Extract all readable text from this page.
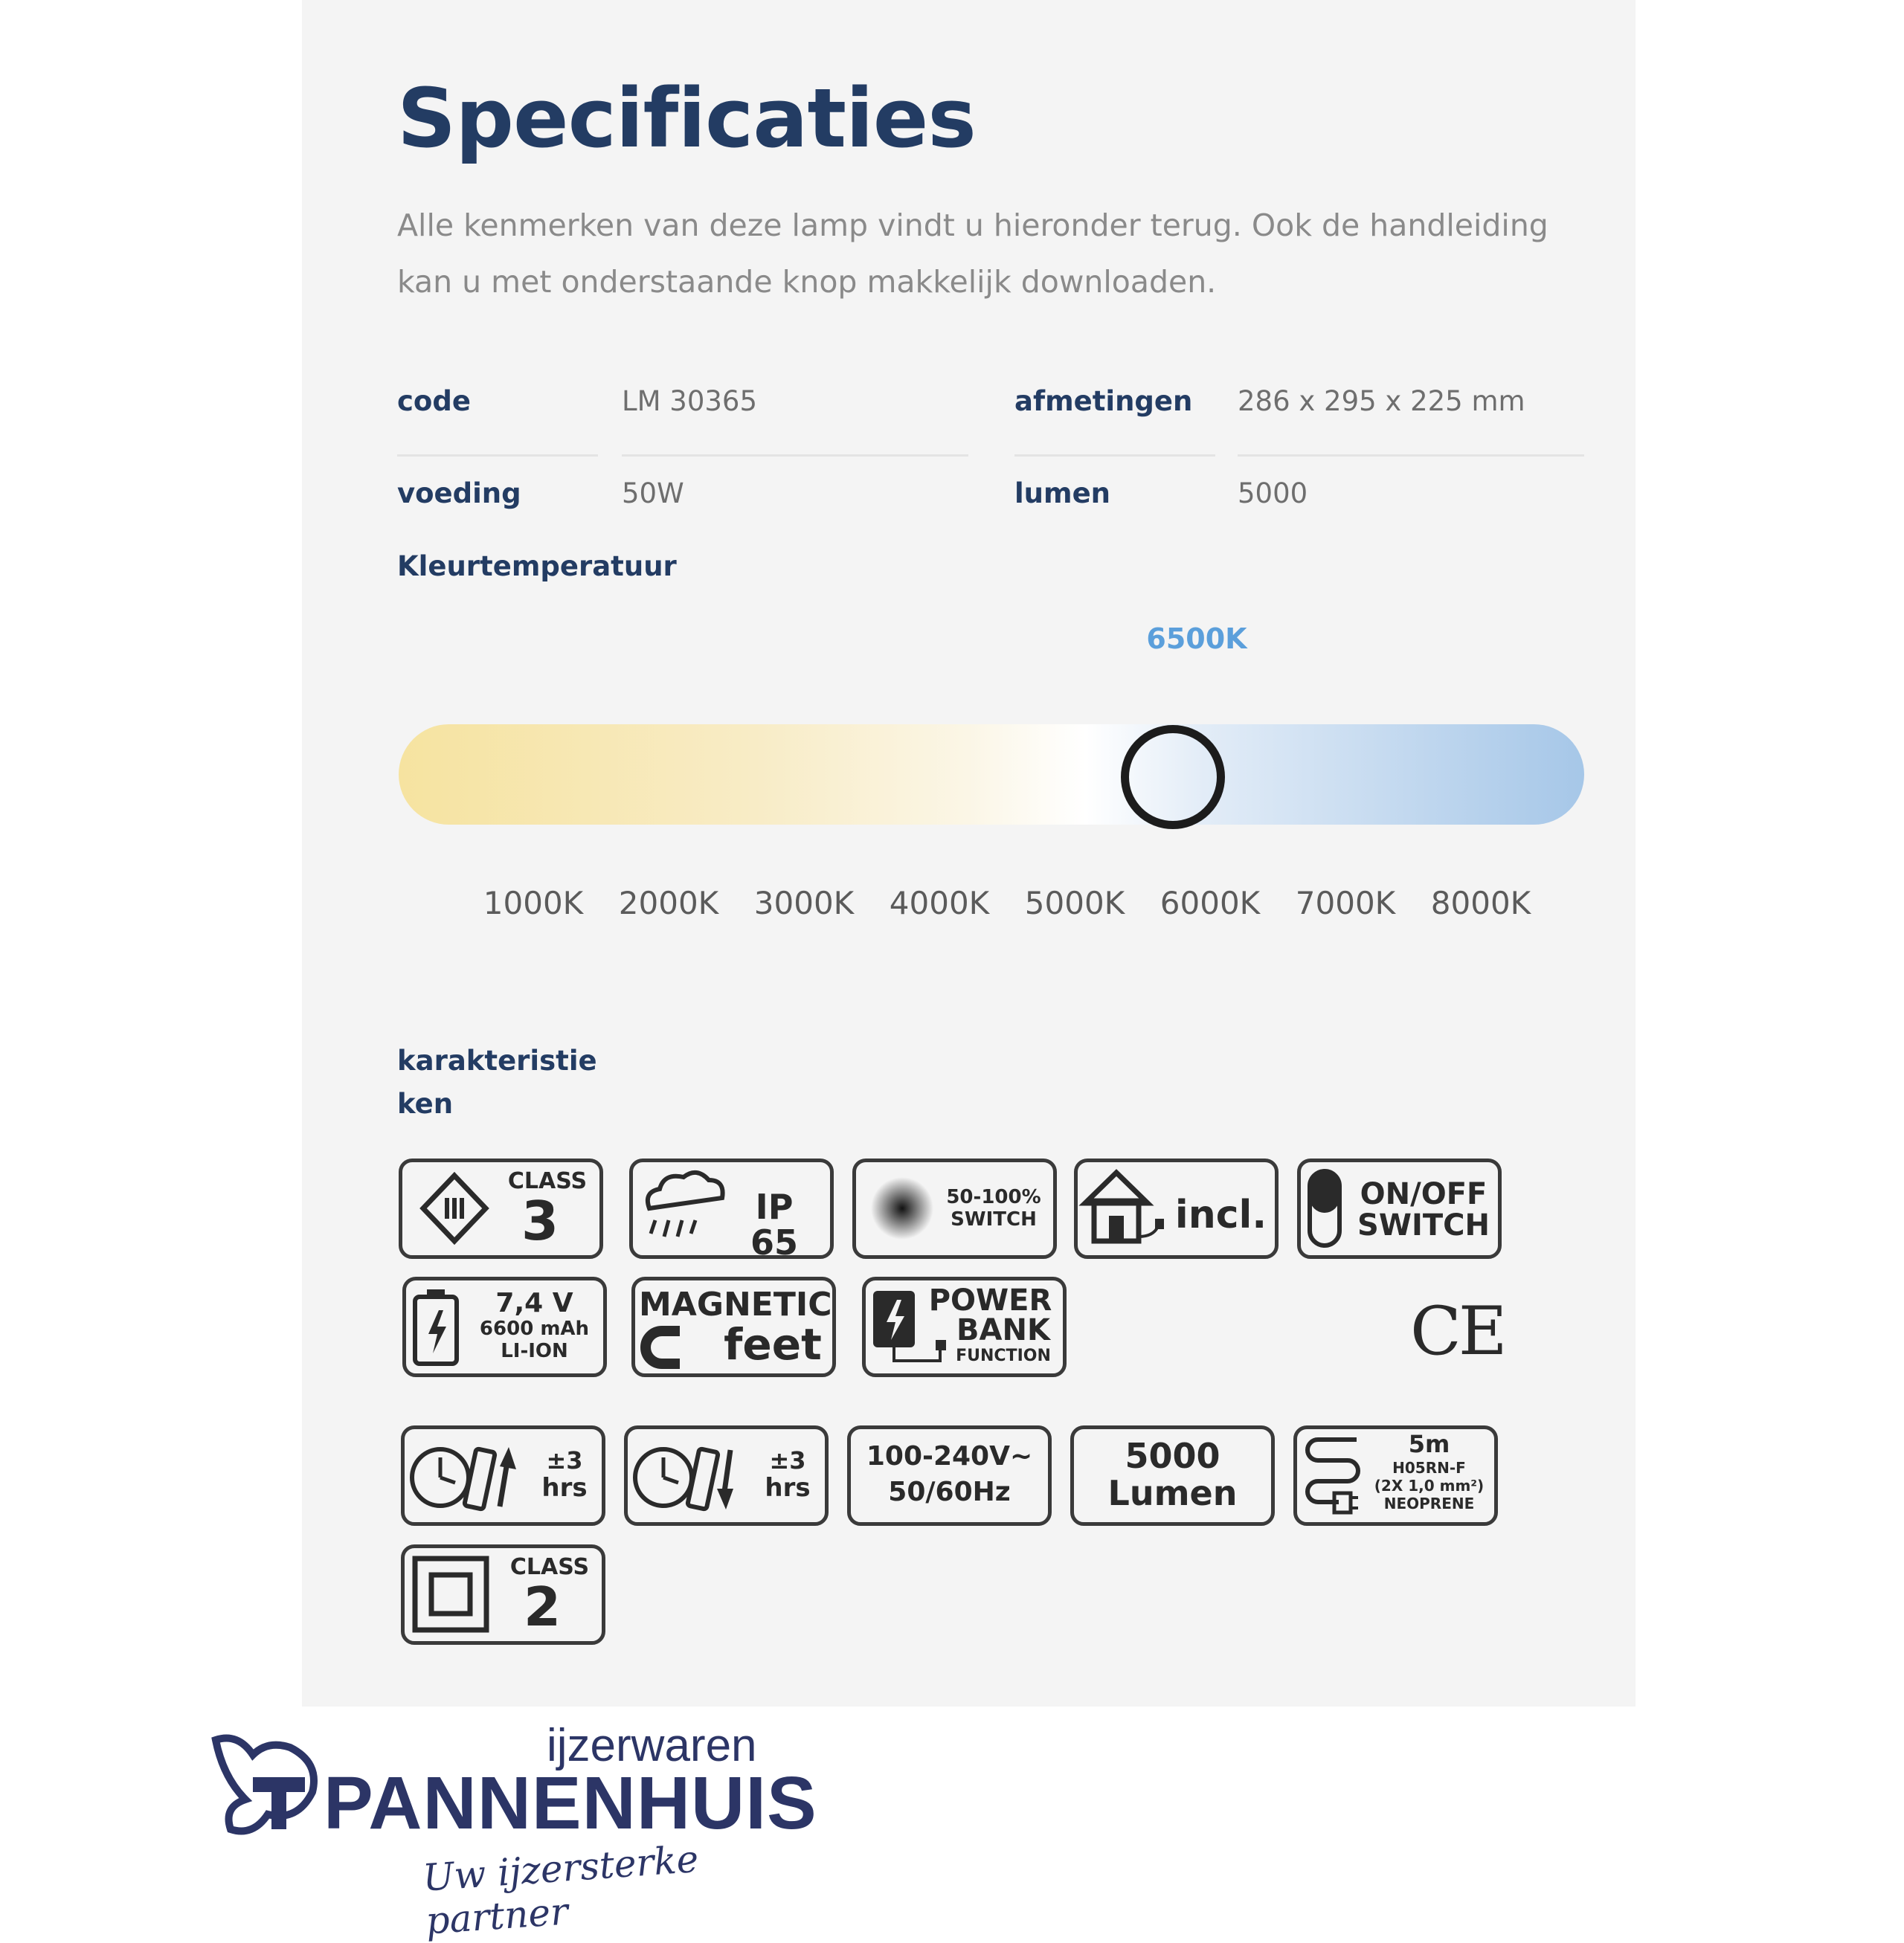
Specificaties

Alle kenmerken van deze lamp vindt u hieronder terug. Ook de handleiding kan u met onderstaande knop makkelijk downloaden.

code	LM 30365	afmetingen 286 x 295 x 225 mm
voeding	50W	lumen	5000
Kleurtemperatuur
6500K
1000K	2000K	3000K	4000K	5000K	6000K	7000K	8000K
karakteristie
ken
CLASS
3	IP 65
50-100%
SWITCH	incl.	ON/OFF
SWITCH
7,4 V
6600 mAh
LI-ION
MAGNETIC
feet
POWER
BANK
FUNCTION	CE
±3
hrs
±3
hrs
100-240V~
50/60Hz
5000
Lumen
5m
H05RN-F
(2X 1,0 mm²)
NEOPRENE
CLASS
2
ijzerwaren
PANNENHUIS
Uw ijzersterke partner
